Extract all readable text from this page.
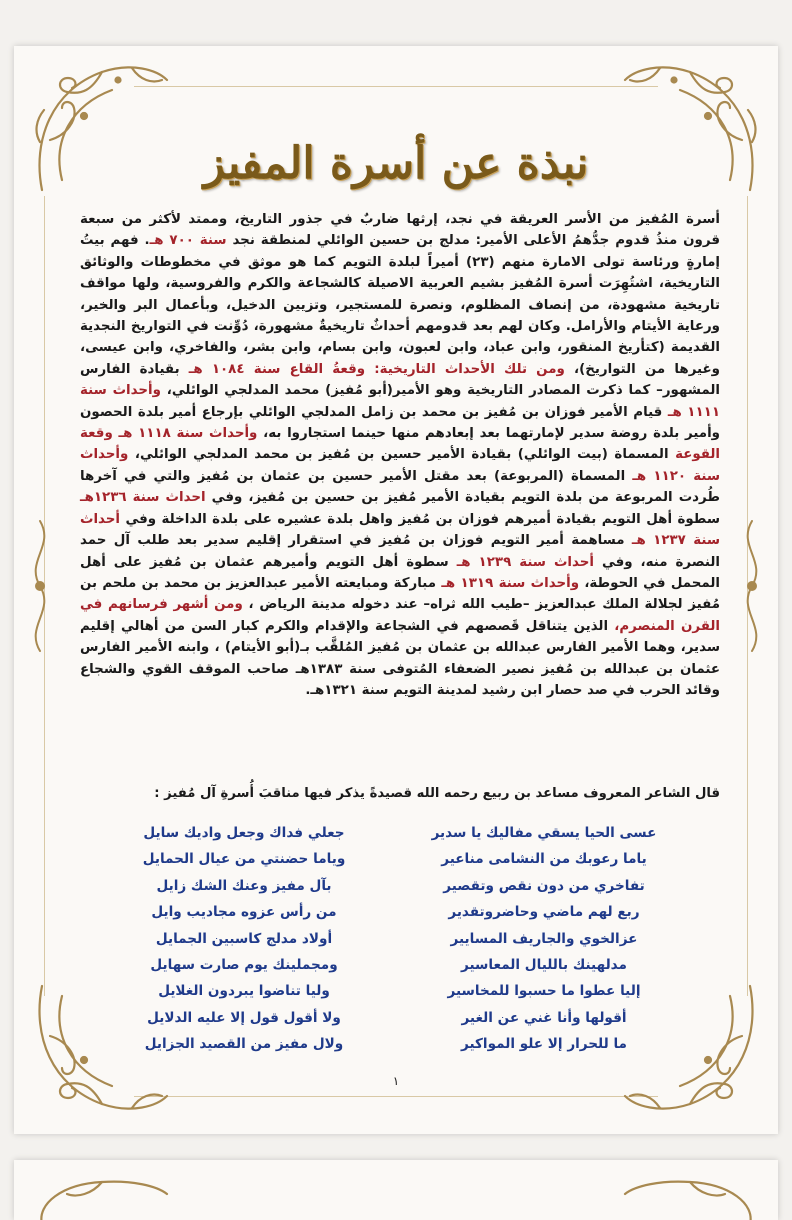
نبذة عن أسرة المفيز

أسرة المُفيز من الأسر العريقة في نجد، إرثها ضاربٌ في جذور التاريخ، وممتد لأكثر من سبعة قرون منذُ قدوم جدُّهمُ الأعلى الأمير: مدلج بن حسين الوائلي لمنطقة نجد سنة ٧٠٠ هـ. فهم بيتُ إمارةٍ ورئاسة تولى الامارة منهم (٢٣) أميراً لبلدة التويم كما هو موثق في مخطوطات والوثائق التاريخية، اشتُهِرَت أسرة المُفيز بشيم العربية الاصيلة كالشجاعة والكرم والفروسية، ولها مواقف تاريخية مشهودة، من إنصاف المظلوم، ونصرة للمستجير، وتزيين الدخيل، وبأعمال البر والخير، ورعاية الأيتام والأرامل. وكان لهم بعد قدومهم أحداثٌ تاريخيةٌ مشهورة، دُوِّنت في التواريخ النجدية القديمة (كتأريخ المنقور، وابن عباد، وابن لعبون، وابن بسام، وابن بشر، والفاخري، وابن عيسى، وغيرها من التواريخ)، ومن تلك الأحداث التاريخية: وقعةُ القاع سنة ١٠٨٤ هـ بقيادة الفارس المشهور– كما ذكرت المصادر التاريخية وهو الأمير(أبو مُفيز) محمد المدلجي الوائلي، وأحداث سنة ١١١١ هـ قيام الأمير فوزان بن مُفيز بن محمد بن زامل المدلجي الوائلي بإرجاع أمير بلدة الحصون وأمير بلدة روضة سدير لإمارتهما بعد إبعادهم منها حينما استجاروا به، وأحداث سنة ١١١٨ هـ وقعة القوعة المسماة (بيت الوائلي) بقيادة الأمير حسين بن مُفيز بن محمد المدلجي الوائلي، وأحداث سنة ١١٢٠ هـ المسماة (المربوعة) بعد مقتل الأمير حسين بن عثمان بن مُفيز والتي في آخرها طُردت المربوعة من بلدة التويم بقيادة الأمير مُفيز بن حسين بن مُفيز، وفي احداث سنة ١٢٣٦هـ سطوة أهل التويم بقيادة أميرهم فوزان بن مُفيز واهل بلدة عشيره على بلدة الداخلة وفي أحداث سنة ١٢٣٧ هـ مساهمة أمير التويم فوزان بن مُفيز في استقرار إقليم سدير بعد طلب آل حمد النصرة منه، وفي أحداث سنة ١٢٣٩ هـ سطوة أهل التويم وأميرهم عثمان بن مُفيز على أهل المحمل في الحوطة، وأحداث سنة ١٣١٩ هـ مباركة ومبايعته الأمير عبدالعزيز بن محمد بن ملحم بن مُفيز لجلالة الملك عبدالعزيز –طيب الله ثراه– عند دخوله مدينة الرياض ، ومن أشهر فرسانهم في القرن المنصرم، الذين يتناقل قَصصهم في الشجاعة والإقدام والكرم كبار السن من أهالي إقليم سدير، وهما الأمير الفارس عبدالله بن عثمان بن مُفيز المُلقَّب بـ(أبو الأيتام) ، وابنه الأمير الفارس عثمان بن عبدالله بن مُفيز نصير الضعفاء المُتوفى سنة ١٣٨٣هـ صاحب الموقف القوي والشجاع وقائد الحرب في صد حصار ابن رشيد لمدينة التويم سنة ١٣٢١هـ.

قال الشاعر المعروف مساعد بن ربيع رحمه الله قصيدةً يذكر فيها مناقبَ أُسرةِ آل مُفيز :
عسى الحيا يسقي مفاليك يا سدير
جعلي فداك وجعل واديك سايل
ياما رعوبك من النشامى مناعير
وياما حضنتي من عيال الحمايل
تفاخري من دون نقص وتقصير
بآل مفيز وعنك الشك زايل
ربع لهم ماضي وحاضروتقدير
من رأس عزوه مجاديب وايل
عزالخوي والجاريف المسايير
أولاد مدلج كاسبين الجمايل
مدلهينك بالليال المعاسير
ومجملينك يوم صارت سهايل
إليا عطوا ما حسبوا للمخاسير
وليا تناضوا يبردون الغلايل
أقولها وأنا غني عن الغير
ولا أقول قول إلا عليه الدلايل
ما للحرار إلا علو المواكير
ولال مفيز من القصيد الجزايل
١
